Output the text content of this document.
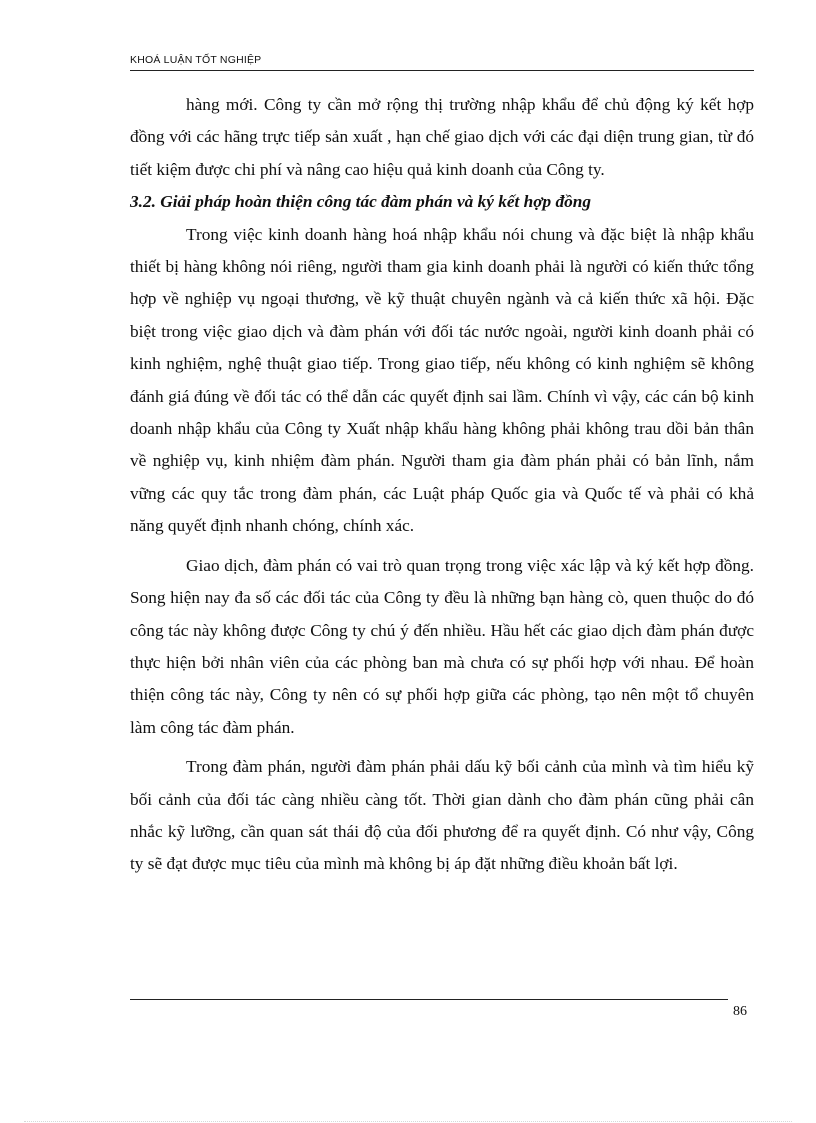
KHOÁ LUẬN TỐT NGHIỆP

hàng mới. Công ty cần mở rộng thị trường nhập khẩu để chủ động ký kết hợp đồng với các hãng trực tiếp sản xuất , hạn chế giao dịch với các đại diện trung gian, từ đó tiết kiệm được chi phí và nâng cao hiệu quả kinh doanh của Công ty.

3.2. Giải pháp hoàn thiện công tác đàm phán và ký kết hợp đồng

Trong việc kinh doanh hàng hoá nhập khẩu nói chung và đặc biệt là nhập khẩu thiết bị hàng không nói riêng, người tham gia kinh doanh phải là người có kiến thức tổng hợp về nghiệp vụ ngoại thương, về kỹ thuật chuyên ngành và cả kiến thức xã hội. Đặc biệt trong việc giao dịch và đàm phán với đối tác nước ngoài, người kinh doanh phải có kinh nghiệm, nghệ thuật giao tiếp. Trong giao tiếp, nếu không có kinh nghiệm sẽ không đánh giá đúng về đối tác có thể dẫn các quyết định sai lầm. Chính vì vậy, các cán bộ kinh doanh nhập khẩu của Công ty Xuất nhập khẩu hàng không phải không trau dồi bản thân về nghiệp vụ, kinh nhiệm đàm phán. Người tham gia đàm phán phải có bản lĩnh, nắm vững các quy tắc trong đàm phán, các Luật pháp Quốc gia và Quốc tế và phải có khả năng quyết định nhanh chóng, chính xác.

Giao dịch, đàm phán có vai trò quan trọng trong việc xác lập và ký kết hợp đồng. Song hiện nay đa số các đối tác của Công ty đều là những bạn hàng cò, quen thuộc do đó công tác này không được Công ty chú ý đến nhiều. Hầu hết các giao dịch đàm phán được thực hiện bởi nhân viên của các phòng ban mà chưa có sự phối hợp với nhau. Để hoàn thiện công tác này, Công ty nên có sự phối hợp giữa các phòng, tạo nên một tổ chuyên làm công tác đàm phán.

Trong đàm phán, người đàm phán phải dấu kỹ bối cảnh của mình và tìm hiểu kỹ bối cảnh của đối tác càng nhiều càng tốt. Thời gian dành cho đàm phán cũng phải cân nhắc kỹ lưỡng, cần quan sát thái độ của đối phương để ra quyết định. Có như vậy, Công ty sẽ đạt được mục tiêu của mình mà không bị áp đặt những điều khoản bất lợi.

86
